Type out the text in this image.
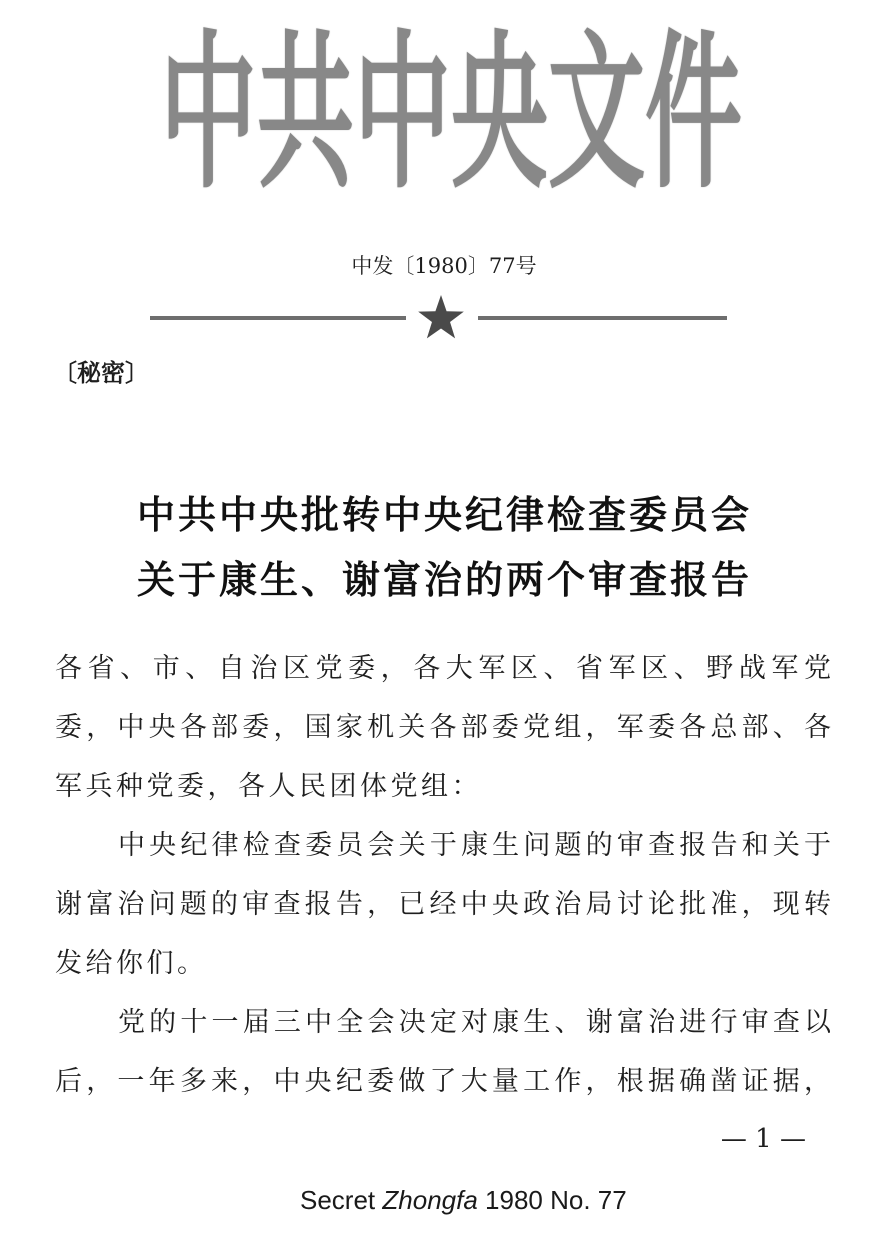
中共中央文件
中发〔1980〕77号
〔秘密〕
中共中央批转中央纪律检查委员会
关于康生、谢富治的两个审查报告
各省、市、自治区党委，各大军区、省军区、野战军党
委，中央各部委，国家机关各部委党组，军委各总部、各
军兵种党委，各人民团体党组：
中央纪律检查委员会关于康生问题的审查报告和关于
谢富治问题的审查报告，已经中央政治局讨论批准，现转
发给你们。
党的十一届三中全会决定对康生、谢富治进行审查以
后，一年多来，中央纪委做了大量工作，根据确凿证据，
— 1 —
Secret Zhongfa 1980 No. 77
